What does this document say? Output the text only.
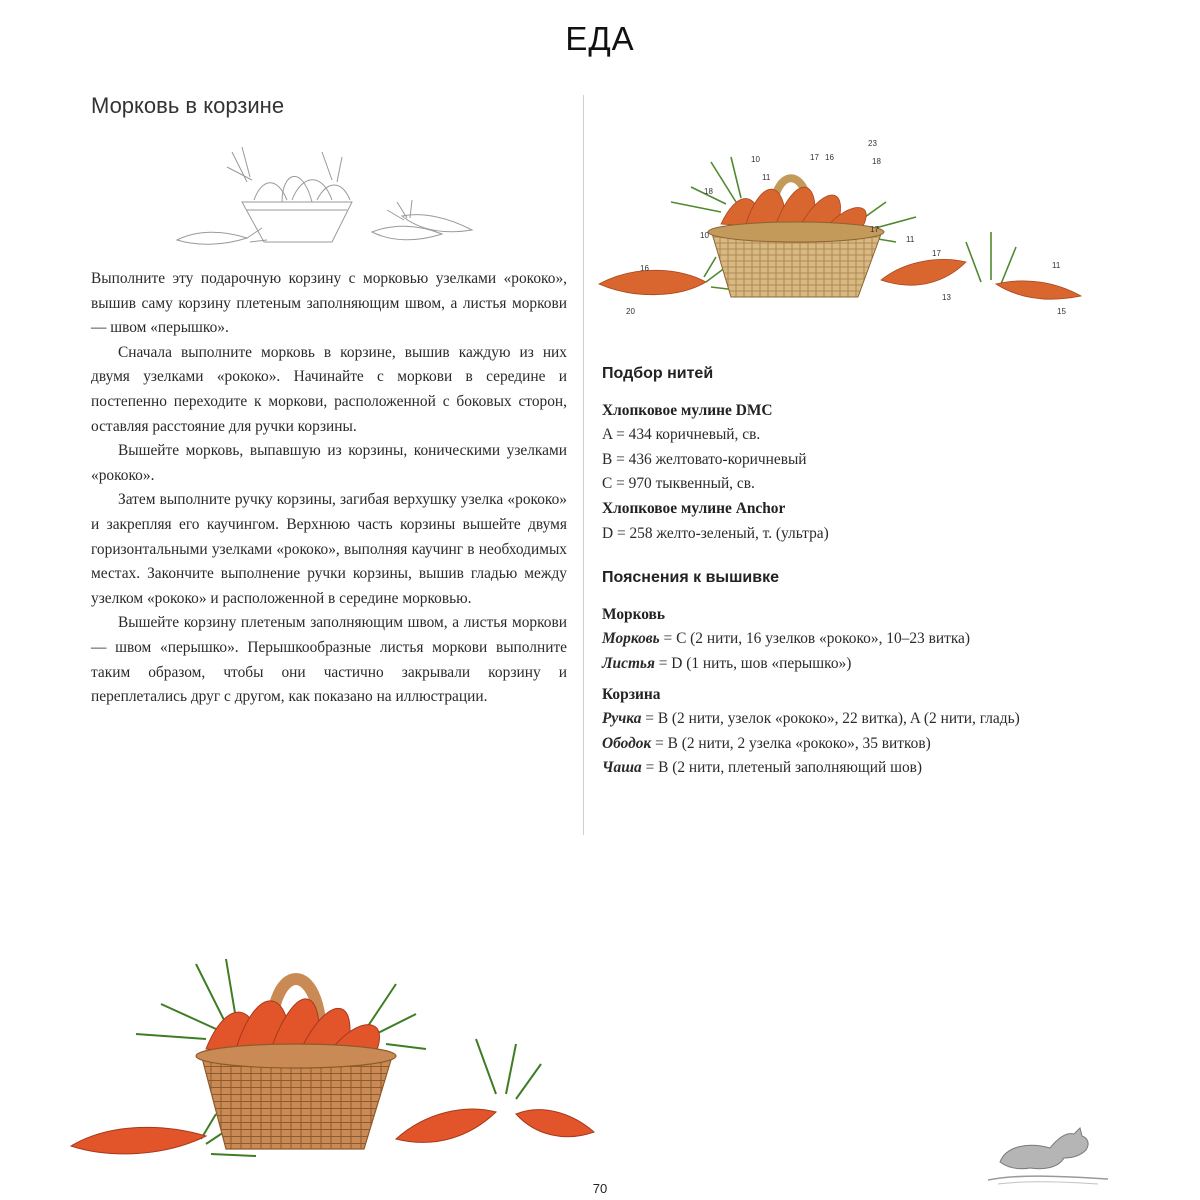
ЕДА
Морковь в корзине

Выполните эту подарочную корзину с морковью узелками «рококо», вышив саму корзину плетеным заполняющим швом, а листья моркови — швом «перышко».

Сначала выполните морковь в корзине, вышив каждую из них двумя узелками «рококо». Начинайте с моркови в середине и постепенно переходите к моркови, расположенной с боковых сторон, оставляя расстояние для ручки корзины.

Вышейте морковь, выпавшую из корзины, коническими узелками «рококо».

Затем выполните ручку корзины, загибая верхушку узелка «рококо» и закрепляя его каучингом. Верхнюю часть корзины вышейте двумя горизонтальными узелками «рококо», выполняя каучинг в необходимых местах. Закончите выполнение ручки корзины, вышив гладью между узелком «рококо» и расположенной в середине морковью.

Вышейте корзину плетеным заполняющим швом, а листья моркови — швом «перышко». Перышкообразные листья моркови выполните таким образом, чтобы они частично закрывали корзину и переплетались друг с другом, как показано на иллюстрации.

23
10
11
17 16	18
18
10
17
11
16
17
11
20
13
15
Подбор нитей
Хлопковое мулине DMC
A = 434 коричневый, св.
B = 436 желтовато-коричневый
C = 970 тыквенный, св.
Хлопковое мулине Anchor
D = 258 желто-зеленый, т. (ультра)
Пояснения к вышивке
Морковь
Морковь = C (2 нити, 16 узелков «рококо», 10–23 витка)
Листья = D (1 нить, шов «перышко»)
Корзина
Ручка = B (2 нити, узелок «рококо», 22 витка), A (2 нити, гладь)
Ободок = B (2 нити, 2 узелка «рококо», 35 витков)
Чаша = B (2 нити, плетеный заполняющий шов)
70
